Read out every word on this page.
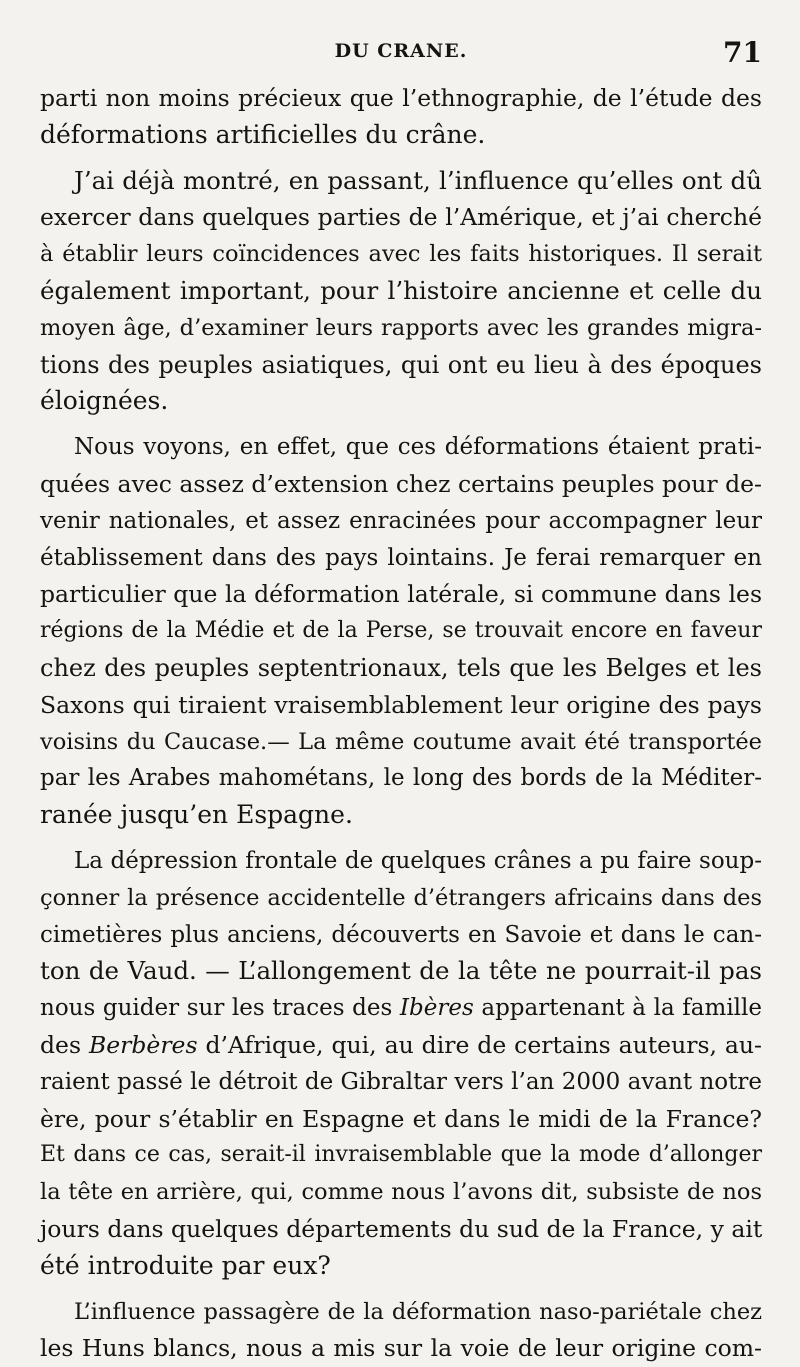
DU CRANE.	71
parti non moins précieux que l’ethnographie, de l’étude des
déformations artificielles du crâne.
J’ai déjà montré, en passant, l’influence qu’elles ont dû
exercer dans quelques parties de l’Amérique, et j’ai cherché
à établir leurs coïncidences avec les faits historiques. Il serait
également important, pour l’histoire ancienne et celle du
moyen âge, d’examiner leurs rapports avec les grandes migra-
tions des peuples asiatiques, qui ont eu lieu à des époques
éloignées.
Nous voyons, en effet, que ces déformations étaient prati-
quées avec assez d’extension chez certains peuples pour de-
venir nationales, et assez enracinées pour accompagner leur
établissement dans des pays lointains. Je ferai remarquer en
particulier que la déformation latérale, si commune dans les
régions de la Médie et de la Perse, se trouvait encore en faveur
chez des peuples septentrionaux, tels que les Belges et les
Saxons qui tiraient vraisemblablement leur origine des pays
voisins du Caucase.— La même coutume avait été transportée
par les Arabes mahométans, le long des bords de la Méditer-
ranée jusqu’en Espagne.
La dépression frontale de quelques crânes a pu faire soup-
çonner la présence accidentelle d’étrangers africains dans des
cimetières plus anciens, découverts en Savoie et dans le can-
ton de Vaud. — L’allongement de la tête ne pourrait-il pas
nous guider sur les traces des Ibères appartenant à la famille
des Berbères d’Afrique, qui, au dire de certains auteurs, au-
raient passé le détroit de Gibraltar vers l’an 2000 avant notre
ère, pour s’établir en Espagne et dans le midi de la France?
Et dans ce cas, serait-il invraisemblable que la mode d’allonger
la tête en arrière, qui, comme nous l’avons dit, subsiste de nos
jours dans quelques départements du sud de la France, y ait
été introduite par eux?
L’influence passagère de la déformation naso-pariétale chez
les Huns blancs, nous a mis sur la voie de leur origine com-
